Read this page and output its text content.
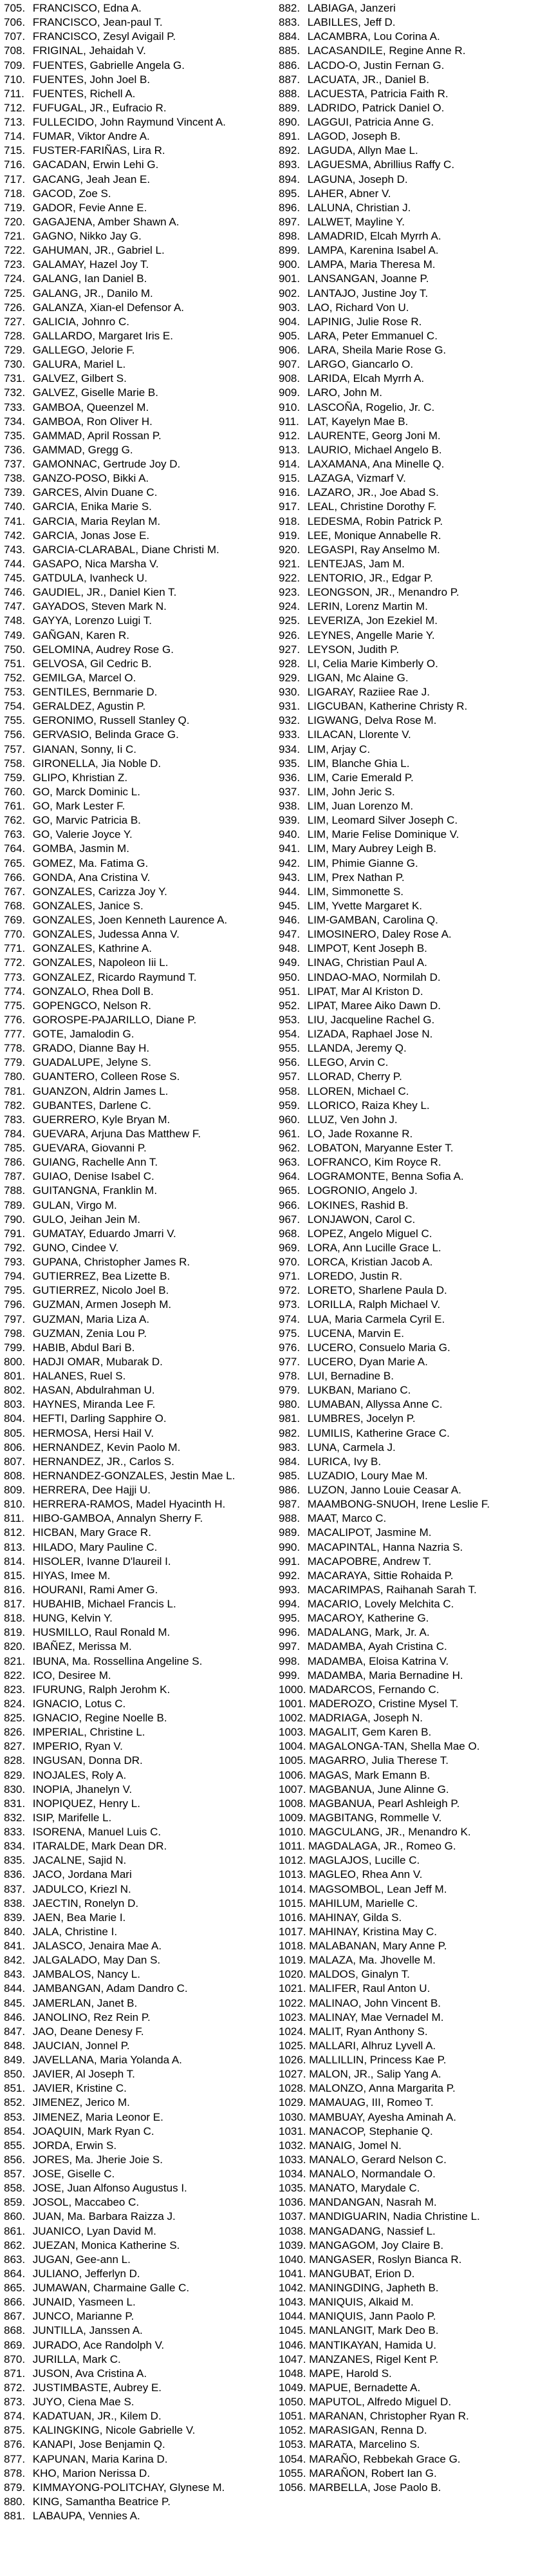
705. FRANCISCO, Edna A.
706. FRANCISCO, Jean-paul T.
707. FRANCISCO, Zesyl Avigail P.
708. FRIGINAL, Jehaidah V.
709. FUENTES, Gabrielle Angela G.
710. FUENTES, John Joel B.
711. FUENTES, Richell A.
712. FUFUGAL, JR., Eufracio R.
713. FULLECIDO, John Raymund Vincent A.
714. FUMAR, Viktor Andre A.
715. FUSTER-FARIÑAS, Lira R.
716. GACADAN, Erwin Lehi G.
717. GACANG, Jeah Jean E.
718. GACOD, Zoe S.
719. GADOR, Fevie Anne E.
720. GAGAJENA, Amber Shawn A.
721. GAGNO, Nikko Jay G.
722. GAHUMAN, JR., Gabriel L.
723. GALAMAY, Hazel Joy T.
724. GALANG, Ian Daniel B.
725. GALANG, JR., Danilo M.
726. GALANZA, Xian-el Defensor A.
727. GALICIA, Johnro C.
728. GALLARDO, Margaret Iris E.
729. GALLEGO, Jelorie F.
730. GALURA, Mariel L.
731. GALVEZ, Gilbert S.
732. GALVEZ, Giselle Marie B.
733. GAMBOA, Queenzel M.
734. GAMBOA, Ron Oliver H.
735. GAMMAD, April Rossan P.
736. GAMMAD, Gregg G.
737. GAMONNAC, Gertrude Joy D.
738. GANZO-POSO, Bikki A.
739. GARCES, Alvin Duane C.
740. GARCIA, Enika Marie S.
741. GARCIA, Maria Reylan M.
742. GARCIA, Jonas Jose E.
743. GARCIA-CLARABAL, Diane Christi M.
744. GASAPO, Nica Marsha V.
745. GATDULA, Ivanheck U.
746. GAUDIEL, JR., Daniel Kien T.
747. GAYADOS, Steven Mark N.
748. GAYYA, Lorenzo Luigi T.
749. GAÑGAN, Karen R.
750. GELOMINA, Audrey Rose G.
751. GELVOSA, Gil Cedric B.
752. GEMILGA, Marcel O.
753. GENTILES, Bernmarie D.
754. GERALDEZ, Agustin P.
755. GERONIMO, Russell Stanley Q.
756. GERVASIO, Belinda Grace G.
757. GIANAN, Sonny, Ii C.
758. GIRONELLA, Jia Noble D.
759. GLIPO, Khristian Z.
760. GO, Marck Dominic L.
761. GO, Mark Lester F.
762. GO, Marvic Patricia B.
763. GO, Valerie Joyce Y.
764. GOMBA, Jasmin M.
765. GOMEZ, Ma. Fatima G.
766. GONDA, Ana Cristina V.
767. GONZALES, Carizza Joy Y.
768. GONZALES, Janice S.
769. GONZALES, Joen Kenneth Laurence A.
770. GONZALES, Judessa Anna V.
771. GONZALES, Kathrine A.
772. GONZALES, Napoleon Iii L.
773. GONZALEZ, Ricardo Raymund T.
774. GONZALO, Rhea Doll B.
775. GOPENGCO, Nelson R.
776. GOROSPE-PAJARILLO, Diane P.
777. GOTE, Jamalodin G.
778. GRADO, Dianne Bay H.
779. GUADALUPE, Jelyne S.
780. GUANTERO, Colleen Rose S.
781. GUANZON, Aldrin James L.
782. GUBANTES, Darlene C.
783. GUERRERO, Kyle Bryan M.
784. GUEVARA, Arjuna Das Matthew F.
785. GUEVARA, Giovanni P.
786. GUIANG, Rachelle Ann T.
787. GUIAO, Denise Isabel C.
788. GUITANGNA, Franklin M.
789. GULAN, Virgo M.
790. GULO, Jeihan Jein M.
791. GUMATAY, Eduardo Jmarri V.
792. GUNO, Cindee V.
793. GUPANA, Christopher James R.
794. GUTIERREZ, Bea Lizette B.
795. GUTIERREZ, Nicolo Joel B.
796. GUZMAN, Armen Joseph M.
797. GUZMAN, Maria Liza A.
798. GUZMAN, Zenia Lou P.
799. HABIB, Abdul Bari B.
800. HADJI OMAR, Mubarak D.
801. HALANES, Ruel S.
802. HASAN, Abdulrahman U.
803. HAYNES, Miranda Lee F.
804. HEFTI, Darling Sapphire O.
805. HERMOSA, Hersi Hail V.
806. HERNANDEZ, Kevin Paolo M.
807. HERNANDEZ, JR., Carlos S.
808. HERNANDEZ-GONZALES, Jestin Mae L.
809. HERRERA, Dee Hajji U.
810. HERRERA-RAMOS, Madel Hyacinth H.
811. HIBO-GAMBOA, Annalyn Sherry F.
812. HICBAN, Mary Grace R.
813. HILADO, Mary Pauline C.
814. HISOLER, Ivanne D'laureil I.
815. HIYAS, Imee M.
816. HOURANI, Rami Amer G.
817. HUBAHIB, Michael Francis L.
818. HUNG, Kelvin Y.
819. HUSMILLO, Raul Ronald M.
820. IBAÑEZ, Merissa M.
821. IBUNA, Ma. Rossellina Angeline S.
822. ICO, Desiree M.
823. IFURUNG, Ralph Jerohm K.
824. IGNACIO, Lotus C.
825. IGNACIO, Regine Noelle B.
826. IMPERIAL, Christine L.
827. IMPERIO, Ryan V.
828. INGUSAN, Donna DR.
829. INOJALES, Roly A.
830. INOPIA, Jhanelyn V.
831. INOPIQUEZ, Henry L.
832. ISIP, Marifelle L.
833. ISORENA, Manuel Luis C.
834. ITARALDE, Mark Dean DR.
835. JACALNE, Sajid N.
836. JACO, Jordana Mari
837. JADULCO, Kriezl N.
838. JAECTIN, Ronelyn D.
839. JAEN, Bea Marie I.
840. JALA, Christine I.
841. JALASCO, Jenaira Mae A.
842. JALGALADO, May Dan S.
843. JAMBALOS, Nancy L.
844. JAMBANGAN, Adam Dandro C.
845. JAMERLAN, Janet B.
846. JANOLINO, Rez Rein P.
847. JAO, Deane Denesy F.
848. JAUCIAN, Jonnel P.
849. JAVELLANA, Maria Yolanda A.
850. JAVIER, Al Joseph T.
851. JAVIER, Kristine C.
852. JIMENEZ, Jerico M.
853. JIMENEZ, Maria Leonor E.
854. JOAQUIN, Mark Ryan C.
855. JORDA, Erwin S.
856. JORES, Ma. Jherie Joie S.
857. JOSE, Giselle C.
858. JOSE, Juan Alfonso Augustus I.
859. JOSOL, Maccabeo C.
860. JUAN, Ma. Barbara Raizza J.
861. JUANICO, Lyan David M.
862. JUEZAN, Monica Katherine S.
863. JUGAN, Gee-ann L.
864. JULIANO, Jefferlyn D.
865. JUMAWAN, Charmaine Galle C.
866. JUNAID, Yasmeen L.
867. JUNCO, Marianne P.
868. JUNTILLA, Janssen A.
869. JURADO, Ace Randolph V.
870. JURILLA, Mark C.
871. JUSON, Ava Cristina A.
872. JUSTIMBASTE, Aubrey E.
873. JUYO, Ciena Mae S.
874. KADATUAN, JR., Kilem D.
875. KALINGKING, Nicole Gabrielle V.
876. KANAPI, Jose Benjamin Q.
877. KAPUNAN, Maria Karina D.
878. KHO, Marion Nerissa D.
879. KIMMAYONG-POLITCHAY, Glynese M.
880. KING, Samantha Beatrice P.
881. LABAUPA, Vennies A.
882. LABIAGA, Janzeri
883. LABILLES, Jeff D.
884. LACAMBRA, Lou Corina A.
885. LACASANDILE, Regine Anne R.
886. LACDO-O, Justin Fernan G.
887. LACUATA, JR., Daniel B.
888. LACUESTA, Patricia Faith R.
889. LADRIDO, Patrick Daniel O.
890. LAGGUI, Patricia Anne G.
891. LAGOD, Joseph B.
892. LAGUDA, Allyn Mae L.
893. LAGUESMA, Abrillius Raffy C.
894. LAGUNA, Joseph D.
895. LAHER, Abner V.
896. LALUNA, Christian J.
897. LALWET, Mayline Y.
898. LAMADRID, Elcah Myrrh A.
899. LAMPA, Karenina Isabel A.
900. LAMPA, Maria Theresa M.
901. LANSANGAN, Joanne P.
902. LANTAJO, Justine Joy T.
903. LAO, Richard Von U.
904. LAPINIG, Julie Rose R.
905. LARA, Peter Emmanuel C.
906. LARA, Sheila Marie Rose G.
907. LARGO, Giancarlo O.
908. LARIDA, Elcah Myrrh A.
909. LARO, John M.
910. LASCOÑA, Rogelio, Jr. C.
911. LAT, Kayelyn Mae B.
912. LAURENTE, Georg Joni M.
913. LAURIO, Michael Angelo B.
914. LAXAMANA, Ana Minelle Q.
915. LAZAGA, Vizmarf V.
916. LAZARO, JR., Joe Abad S.
917. LEAL, Christine Dorothy F.
918. LEDESMA, Robin Patrick P.
919. LEE, Monique Annabelle R.
920. LEGASPI, Ray Anselmo M.
921. LENTEJAS, Jam M.
922. LENTORIO, JR., Edgar P.
923. LEONGSON, JR., Menandro P.
924. LERIN, Lorenz Martin M.
925. LEVERIZA, Jon Ezekiel M.
926. LEYNES, Angelle Marie Y.
927. LEYSON, Judith P.
928. LI, Celia Marie Kimberly O.
929. LIGAN, Mc Alaine G.
930. LIGARAY, Raziiee Rae J.
931. LIGCUBAN, Katherine Christy R.
932. LIGWANG, Delva Rose M.
933. LILACAN, Llorente V.
934. LIM, Arjay C.
935. LIM, Blanche Ghia L.
936. LIM, Carie Emerald P.
937. LIM, John Jeric S.
938. LIM, Juan Lorenzo M.
939. LIM, Leomard Silver Joseph C.
940. LIM, Marie Felise Dominique V.
941. LIM, Mary Aubrey Leigh B.
942. LIM, Phimie Gianne G.
943. LIM, Prex Nathan P.
944. LIM, Simmonette S.
945. LIM, Yvette Margaret K.
946. LIM-GAMBAN, Carolina Q.
947. LIMOSINERO, Daley Rose A.
948. LIMPOT, Kent Joseph B.
949. LINAG, Christian Paul A.
950. LINDAO-MAO, Normilah D.
951. LIPAT, Mar Al Kriston D.
952. LIPAT, Maree Aiko Dawn D.
953. LIU, Jacqueline Rachel G.
954. LIZADA, Raphael Jose N.
955. LLANDA, Jeremy Q.
956. LLEGO, Arvin C.
957. LLORAD, Cherry P.
958. LLOREN, Michael C.
959. LLORICO, Raiza Khey L.
960. LLUZ, Ven John J.
961. LO, Jade Roxanne R.
962. LOBATON, Maryanne Ester T.
963. LOFRANCO, Kim Royce R.
964. LOGRAMONTE, Benna Sofia A.
965. LOGRONIO, Angelo J.
966. LOKINES, Rashid B.
967. LONJAWON, Carol C.
968. LOPEZ, Angelo Miguel C.
969. LORA, Ann Lucille Grace L.
970. LORCA, Kristian Jacob A.
971. LOREDO, Justin R.
972. LORETO, Sharlene Paula D.
973. LORILLA, Ralph Michael V.
974. LUA, Maria Carmela Cyril E.
975. LUCENA, Marvin E.
976. LUCERO, Consuelo Maria G.
977. LUCERO, Dyan Marie A.
978. LUI, Bernadine B.
979. LUKBAN, Mariano C.
980. LUMABAN, Allyssa Anne C.
981. LUMBRES, Jocelyn P.
982. LUMILIS, Katherine Grace C.
983. LUNA, Carmela J.
984. LURICA, Ivy B.
985. LUZADIO, Loury Mae M.
986. LUZON, Janno Louie Ceasar A.
987. MAAMBONG-SNUOH, Irene Leslie F.
988. MAAT, Marco C.
989. MACALIPOT, Jasmine M.
990. MACAPINTAL, Hanna Nazria S.
991. MACAPOBRE, Andrew T.
992. MACARAYA, Sittie Rohaida P.
993. MACARIMPAS, Raihanah Sarah T.
994. MACARIO, Lovely Melchita C.
995. MACAROY, Katherine G.
996. MADALANG, Mark, Jr. A.
997. MADAMBA, Ayah Cristina C.
998. MADAMBA, Eloisa Katrina V.
999. MADAMBA, Maria Bernadine H.
1000. MADARCOS, Fernando C.
1001. MADEROZO, Cristine Mysel T.
1002. MADRIAGA, Joseph N.
1003. MAGALIT, Gem Karen B.
1004. MAGALONGA-TAN, Shella Mae O.
1005. MAGARRO, Julia Therese T.
1006. MAGAS, Mark Emann B.
1007. MAGBANUA, June Alinne G.
1008. MAGBANUA, Pearl Ashleigh P.
1009. MAGBITANG, Rommelle V.
1010. MAGCULANG, JR., Menandro K.
1011. MAGDALAGA, JR., Romeo G.
1012. MAGLAJOS, Lucille C.
1013. MAGLEO, Rhea Ann V.
1014. MAGSOMBOL, Lean Jeff M.
1015. MAHILUM, Marielle C.
1016. MAHINAY, Gilda S.
1017. MAHINAY, Kristina May C.
1018. MALABANAN, Mary Anne P.
1019. MALAZA, Ma. Jhovelle M.
1020. MALDOS, Ginalyn T.
1021. MALIFER, Raul Anton U.
1022. MALINAO, John Vincent B.
1023. MALINAY, Mae Vernadel M.
1024. MALIT, Ryan Anthony S.
1025. MALLARI, Alhruz Lyvell A.
1026. MALLILLIN, Princess Kae P.
1027. MALON, JR., Salip Yang A.
1028. MALONZO, Anna Margarita P.
1029. MAMAUAG, III, Romeo T.
1030. MAMBUAY, Ayesha Aminah A.
1031. MANACOP, Stephanie Q.
1032. MANAIG, Jomel N.
1033. MANALO, Gerard Nelson C.
1034. MANALO, Normandale O.
1035. MANATO, Marydale C.
1036. MANDANGAN, Nasrah M.
1037. MANDIGUARIN, Nadia Christine L.
1038. MANGADANG, Nassief L.
1039. MANGAGOM, Joy Claire B.
1040. MANGASER, Roslyn Bianca R.
1041. MANGUBAT, Erion D.
1042. MANINGDING, Japheth B.
1043. MANIQUIS, Alkaid M.
1044. MANIQUIS, Jann Paolo P.
1045. MANLANGIT, Mark Deo B.
1046. MANTIKAYAN, Hamida U.
1047. MANZANES, Rigel Kent P.
1048. MAPE, Harold S.
1049. MAPUE, Bernadette A.
1050. MAPUTOL, Alfredo Miguel D.
1051. MARANAN, Christopher Ryan R.
1052. MARASIGAN, Renna D.
1053. MARATA, Marcelino S.
1054. MARAÑO, Rebbekah Grace G.
1055. MARAÑON, Robert Ian G.
1056. MARBELLA, Jose Paolo B.
